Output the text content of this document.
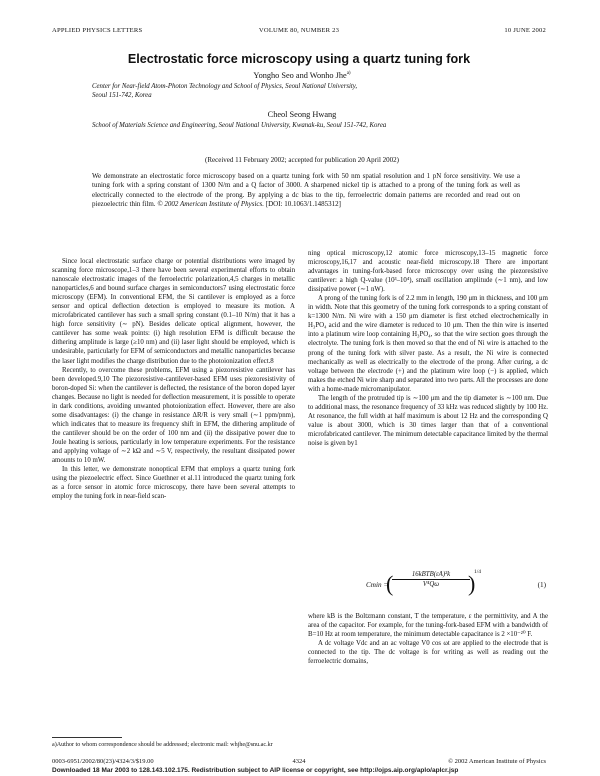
APPLIED PHYSICS LETTERS	VOLUME 80, NUMBER 23	10 JUNE 2002
Electrostatic force microscopy using a quartz tuning fork
Yongho Seo and Wonho Jhe$^{a)}$
Center for Near-field Atom-Photon Technology and School of Physics, Seoul National University,
Seoul 151-742, Korea
Cheol Seong Hwang
School of Materials Science and Engineering, Seoul National University, Kwanak-ku, Seoul 151-742, Korea
(Received 11 February 2002; accepted for publication 20 April 2002)
We demonstrate an electrostatic force microscopy based on a quartz tuning fork with 50 nm spatial resolution and 1 pN force sensitivity. We use a tuning fork with a spring constant of 1300 N/m and a Q factor of 3000. A sharpened nickel tip is attached to a prong of the tuning fork as well as electrically connected to the electrode of the prong. By applying a dc bias to the tip, ferroelectric domain patterns are recorded and read out on piezoelectric thin film. © 2002 American Institute of Physics. [DOI: 10.1063/1.1485312]

Since local electrostatic surface charge or potential distributions were imaged by scanning force microscope,1–3 there have been several experimental efforts to obtain nanoscale electrostatic images of the ferroelectric polarization,4,5 charges in metallic nanoparticles,6 and bound surface charges in semiconductors7 using electrostatic force microscopy (EFM). In conventional EFM, the Si cantilever is employed as a force sensor and optical deflection detection is employed to measure its motion. A microfabricated cantilever has such a small spring constant (0.1–10 N/m) that it has a high force sensitivity (∼ pN). Besides delicate optical alignment, however, the cantilever has some weak points: (i) high resolution EFM is difficult because the dithering amplitude is large (≥10 nm) and (ii) laser light should be employed, which is undesirable, particularly for EFM of semiconductors and metallic nanoparticles because the laser light modifies the charge distribution due to the photoionization effect.8

Recently, to overcome these problems, EFM using a piezoresistive cantilever has been developed.9,10 The piezoresistive-cantilever-based EFM uses piezoresistivity of boron-doped Si: when the cantilever is deflected, the resistance of the boron doped layer changes. Because no light is needed for deflection measurement, it is possible to operate in dark conditions, avoiding unwanted photoionization effect. However, there are also some disadvantages: (i) the change in resistance ΔR/R is very small (∼1 ppm/pnm), which indicates that to measure its frequency shift in EFM, the dithering amplitude of the cantilever should be on the order of 100 nm and (ii) the dissipative power due to Joule heating is serious, particularly in low temperature experiments. For the resistance and applying voltage of ∼2 kΩ and ∼5 V, respectively, the resultant dissipated power amounts to 10 mW.

In this letter, we demonstrate nonoptical EFM that employs a quartz tuning fork using the piezoelectric effect. Since Guethner et al.11 introduced the quartz tuning fork as a force sensor in atomic force microscopy, there have been several attempts to employ the tuning fork in near-field scan-

ning optical microscopy,12 atomic force microscopy,13–15 magnetic force microscopy,16,17 and acoustic near-field microscopy.18 There are important advantages in tuning-fork-based force microscopy over using the piezoresistive cantilever: a high Q-value (10³–10⁴), small oscillation amplitude (∼1 nm), and low dissipative power (∼1 nW).

A prong of the tuning fork is of 2.2 mm in length, 190 μm in thickness, and 100 μm in width. Note that this geometry of the tuning fork corresponds to a spring constant of k=1300 N/m. Ni wire with a 150 μm diameter is first etched electrochemically in H₃PO₄ acid and the wire diameter is reduced to 10 μm. Then the thin wire is inserted into a platinum wire loop containing H₃PO₄, so that the wire section goes through the electrolyte. The tuning fork is then moved so that the end of Ni wire is attached to the prong of the tuning fork with silver paste. As a result, the Ni wire is connected mechanically as well as electrically to the electrode of the prong. After curing, a dc voltage between the electrode (+) and the platinum wire loop (−) is applied, which makes the etched Ni wire sharp and separated into two parts. All the processes are done with a home-made micromanipulator.

The length of the protruded tip is ∼100 μm and the tip diameter is ∼100 nm. Due to additional mass, the resonance frequency of 33 kHz was reduced slightly by 100 Hz. At resonance, the full width at half maximum is about 12 Hz and the corresponding Q value is about 3000, which is 30 times larger than that of a conventional microfabricated cantilever. The minimum detectable capacitance limited by the thermal noise is given by1

Cmin =
(	16kBTB(εA)²k
V⁴Qω	)
1/4
(1)

where kB is the Boltzmann constant, T the temperature, ε the permittivity, and A the area of the capacitor. For example, for the tuning-fork-based EFM with a bandwidth of B=10 Hz at room temperature, the minimum detectable capacitance is 2 ×10⁻²⁰ F.

A dc voltage Vdc and an ac voltage V0 cos ωt are applied to the electrode that is connected to the tip. The dc voltage is for writing as well as reading out the ferroelectric domains,

a)Author to whom correspondence should be addressed; electronic mail: whjhe@snu.ac.kr
0003-6951/2002/80(23)/4324/3/$19.00	4324	© 2002 American Institute of Physics
Downloaded 18 Mar 2003 to 128.143.102.175. Redistribution subject to AIP license or copyright, see http://ojps.aip.org/aplo/aplcr.jsp
